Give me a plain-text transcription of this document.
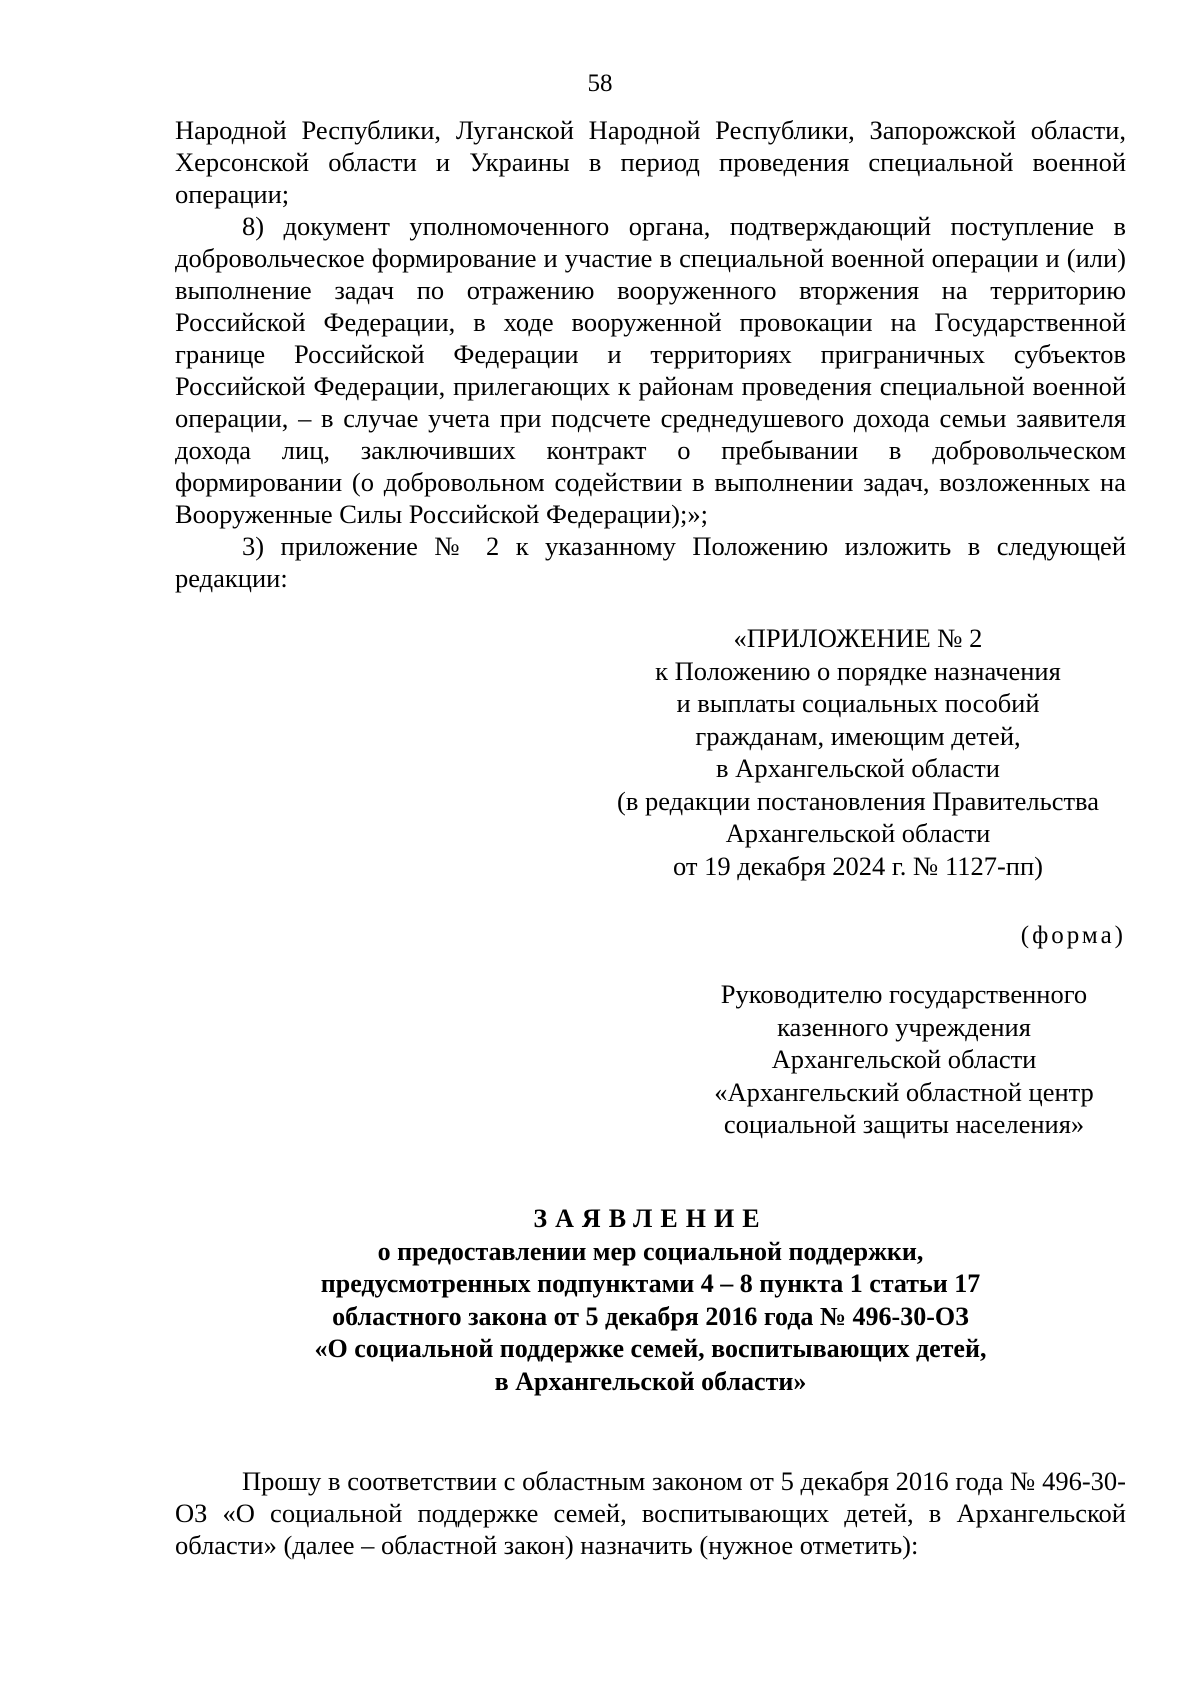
58

Народной Республики, Луганской Народной Республики, Запорожской области, Херсонской области и Украины в период проведения специальной военной операции;

8) документ уполномоченного органа, подтверждающий поступление в добровольческое формирование и участие в специальной военной операции и (или) выполнение задач по отражению вооруженного вторжения на территорию Российской Федерации, в ходе вооруженной провокации на Государственной границе Российской Федерации и территориях приграничных субъектов Российской Федерации, прилегающих к районам проведения специальной военной операции, – в случае учета при подсчете среднедушевого дохода семьи заявителя дохода лиц, заключивших контракт о пребывании в добровольческом формировании (о добровольном содействии в выполнении задач, возложенных на Вооруженные Силы Российской Федерации);»;

3) приложение № 2 к указанному Положению изложить в следующей редакции:

«ПРИЛОЖЕНИЕ № 2
к Положению о порядке назначения
и выплаты социальных пособий
гражданам, имеющим детей,
в Архангельской области
(в редакции постановления Правительства
Архангельской области
от 19 декабря 2024 г. № 1127-пп)
(форма)
Руководителю государственного
казенного учреждения
Архангельской области
«Архангельский областной центр
социальной защиты населения»
ЗАЯВЛЕНИЕ
о предоставлении мер социальной поддержки,
предусмотренных подпунктами 4 – 8 пункта 1 статьи 17
областного закона от 5 декабря 2016 года № 496-30-ОЗ
«О социальной поддержке семей, воспитывающих детей,
в Архангельской области»

Прошу в соответствии с областным законом от 5 декабря 2016 года № 496-30-ОЗ «О социальной поддержке семей, воспитывающих детей, в Архангельской области» (далее – областной закон) назначить (нужное отметить):
